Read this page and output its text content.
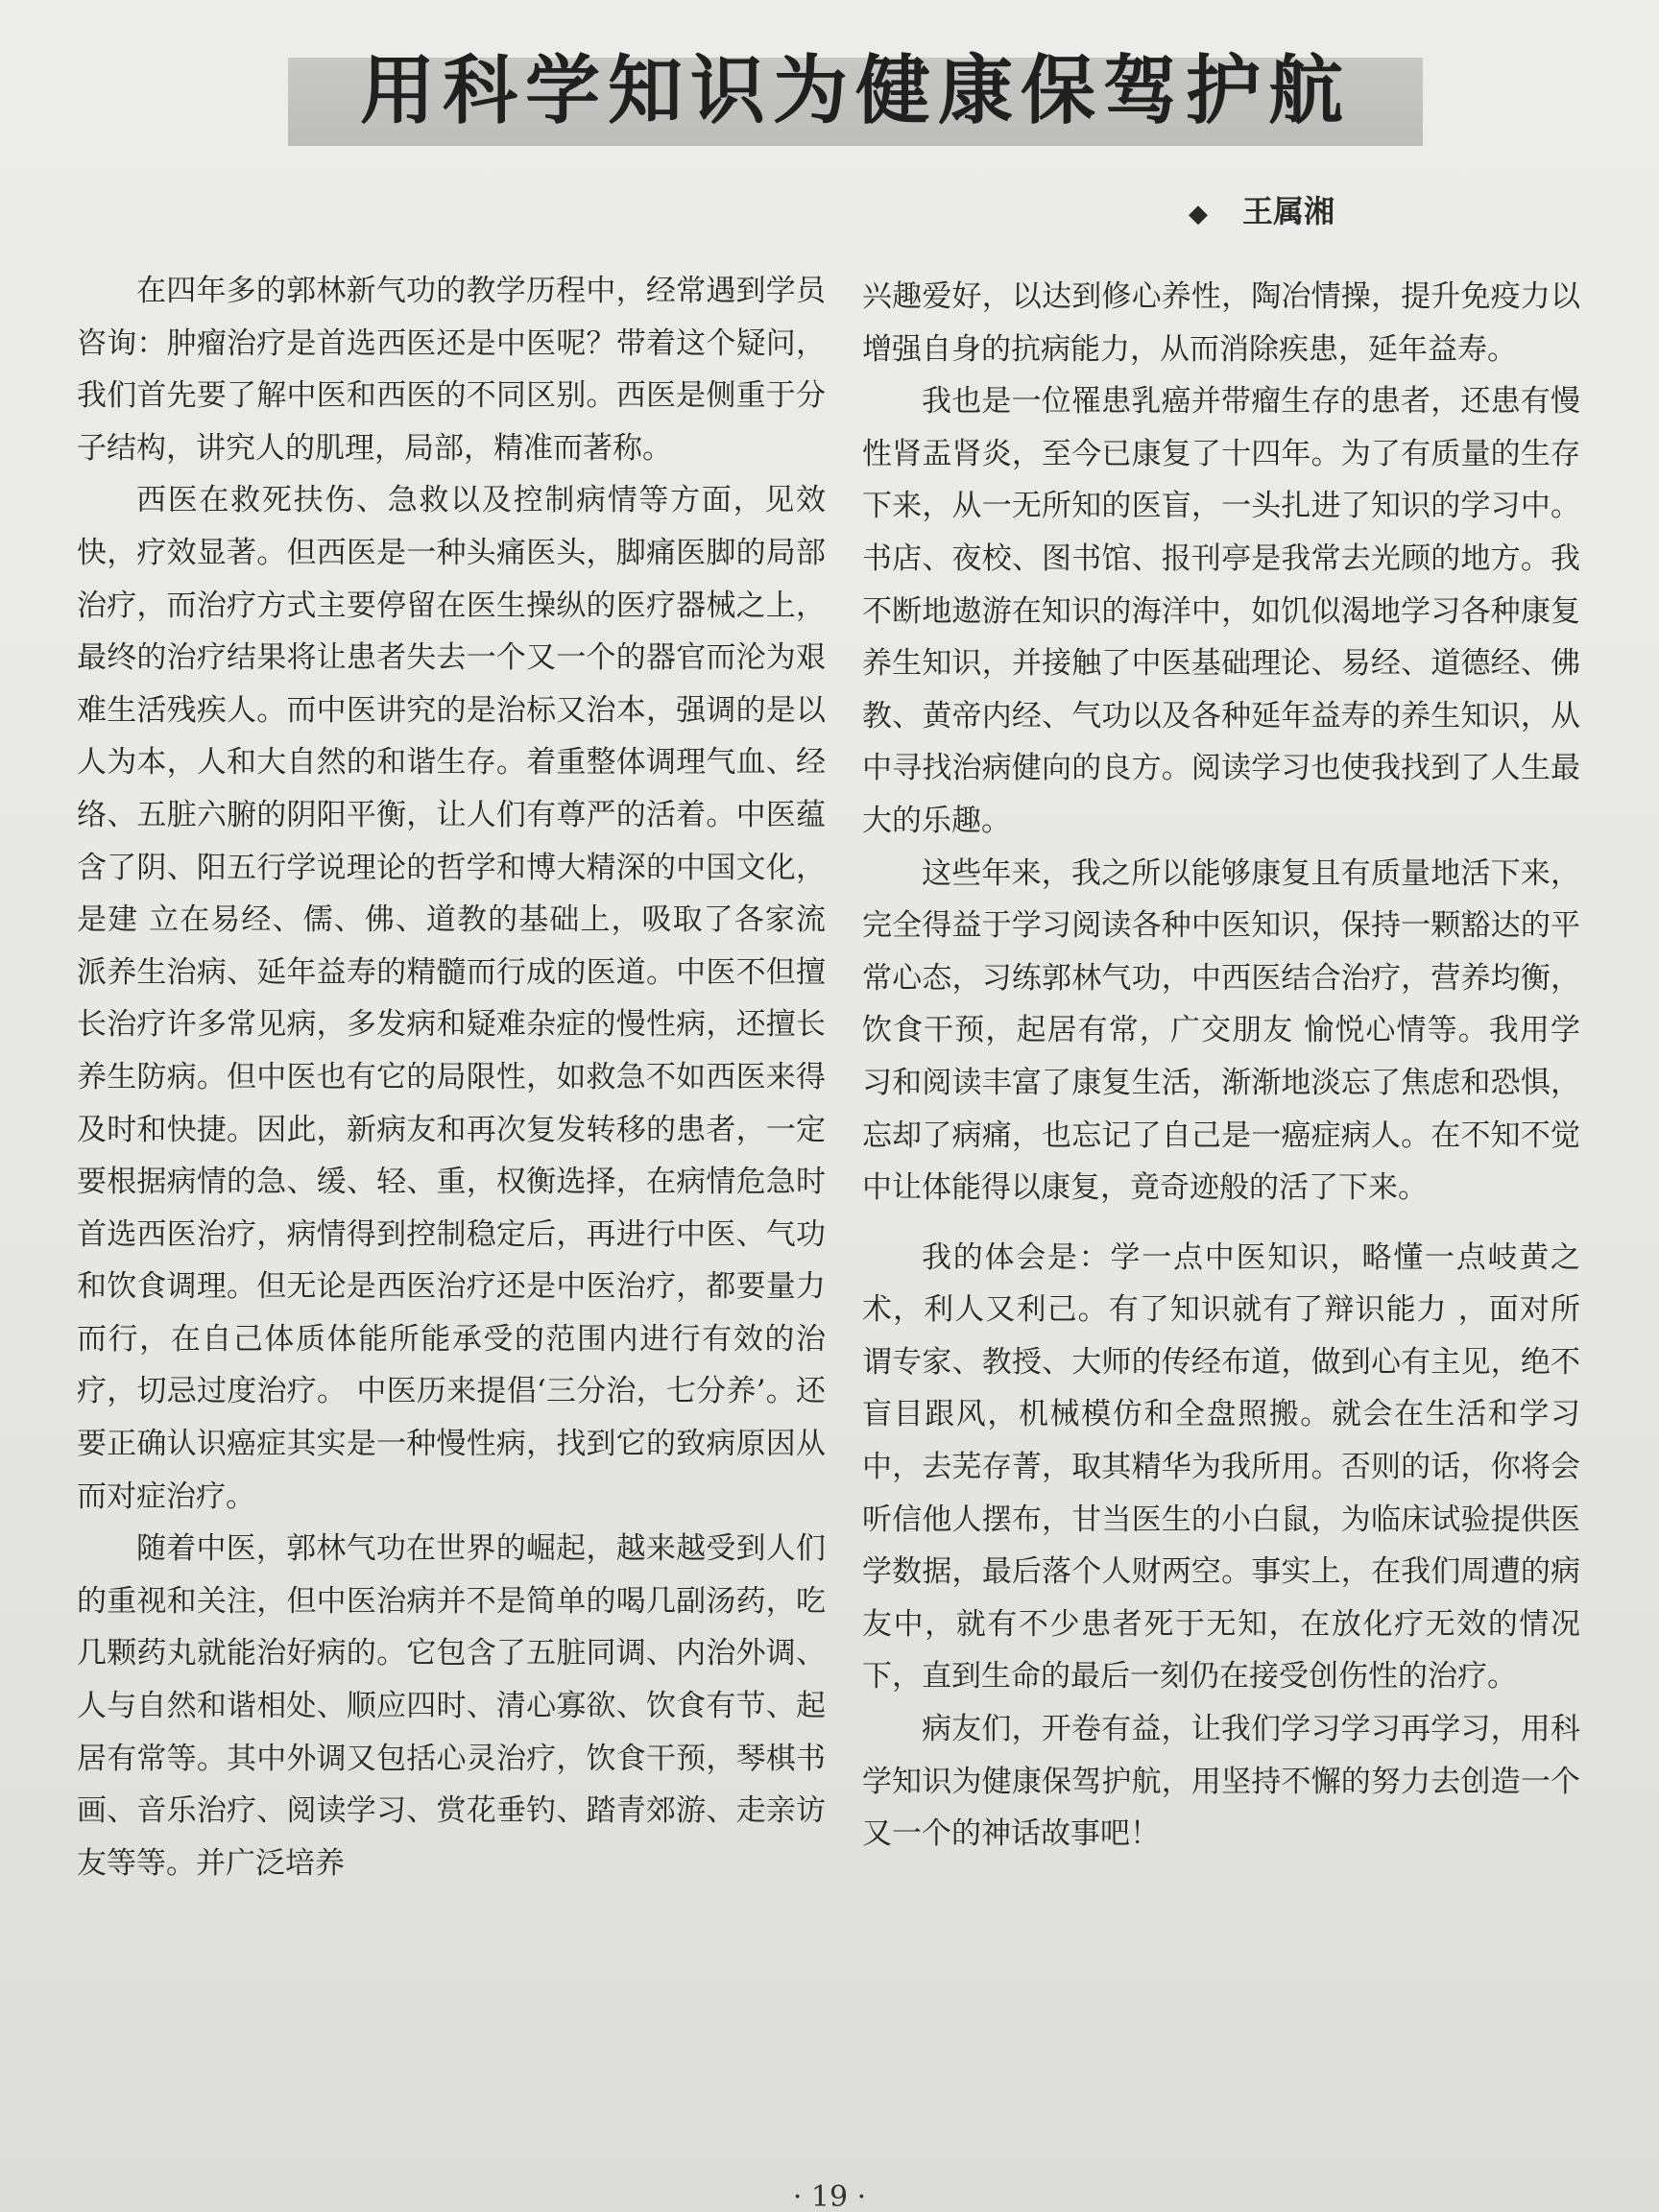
用科学知识为健康保驾护航
◆ 王属湘

在四年多的郭林新气功的教学历程中，经常遇到学员咨询：肿瘤治疗是首选西医还是中医呢？带着这个疑问，我们首先要了解中医和西医的不同区别。西医是侧重于分子结构，讲究人的肌理，局部，精准而著称。

西医在救死扶伤、急救以及控制病情等方面，见效快，疗效显著。但西医是一种头痛医头，脚痛医脚的局部治疗，而治疗方式主要停留在医生操纵的医疗器械之上，最终的治疗结果将让患者失去一个又一个的器官而沦为艰难生活残疾人。而中医讲究的是治标又治本，强调的是以人为本，人和大自然的和谐生存。着重整体调理气血、经络、五脏六腑的阴阳平衡，让人们有尊严的活着。中医蕴含了阴、阳五行学说理论的哲学和博大精深的中国文化，是建 立在易经、儒、佛、道教的基础上，吸取了各家流派养生治病、延年益寿的精髓而行成的医道。中医不但擅长治疗许多常见病，多发病和疑难杂症的慢性病，还擅长养生防病。但中医也有它的局限性，如救急不如西医来得及时和快捷。因此，新病友和再次复发转移的患者，一定要根据病情的急、缓、轻、重，权衡选择，在病情危急时首选西医治疗，病情得到控制稳定后，再进行中医、气功和饮食调理。但无论是西医治疗还是中医治疗，都要量力而行，在自己体质体能所能承受的范围内进行有效的治疗，切忌过度治疗。 中医历来提倡‘三分治，七分养’。还要正确认识癌症其实是一种慢性病，找到它的致病原因从而对症治疗。

随着中医，郭林气功在世界的崛起，越来越受到人们的重视和关注，但中医治病并不是简单的喝几副汤药，吃几颗药丸就能治好病的。它包含了五脏同调、内治外调、人与自然和谐相处、顺应四时、清心寡欲、饮食有节、起居有常等。其中外调又包括心灵治疗，饮食干预，琴棋书画、音乐治疗、阅读学习、赏花垂钓、踏青郊游、走亲访友等等。并广泛培养

兴趣爱好，以达到修心养性，陶冶情操，提升免疫力以增强自身的抗病能力，从而消除疾患，延年益寿。

我也是一位罹患乳癌并带瘤生存的患者，还患有慢性肾盂肾炎，至今已康复了十四年。为了有质量的生存下来，从一无所知的医盲，一头扎进了知识的学习中。书店、夜校、图书馆、报刊亭是我常去光顾的地方。我不断地遨游在知识的海洋中，如饥似渴地学习各种康复养生知识，并接触了中医基础理论、易经、道德经、佛教、黄帝内经、气功以及各种延年益寿的养生知识，从中寻找治病健向的良方。阅读学习也使我找到了人生最大的乐趣。

这些年来，我之所以能够康复且有质量地活下来，完全得益于学习阅读各种中医知识，保持一颗豁达的平常心态，习练郭林气功，中西医结合治疗，营养均衡，饮食干预，起居有常，广交朋友 愉悦心情等。我用学习和阅读丰富了康复生活，渐渐地淡忘了焦虑和恐惧，忘却了病痛，也忘记了自己是一癌症病人。在不知不觉中让体能得以康复，竟奇迹般的活了下来。

我的体会是：学一点中医知识，略懂一点岐黄之术，利人又利己。有了知识就有了辩识能力 ，面对所谓专家、教授、大师的传经布道，做到心有主见，绝不盲目跟风，机械模仿和全盘照搬。就会在生活和学习中，去芜存菁，取其精华为我所用。否则的话，你将会听信他人摆布，甘当医生的小白鼠，为临床试验提供医学数据，最后落个人财两空。事实上，在我们周遭的病友中，就有不少患者死于无知，在放化疗无效的情况下，直到生命的最后一刻仍在接受创伤性的治疗。

病友们，开卷有益，让我们学习学习再学习，用科学知识为健康保驾护航，用坚持不懈的努力去创造一个又一个的神话故事吧！

· 19 ·
